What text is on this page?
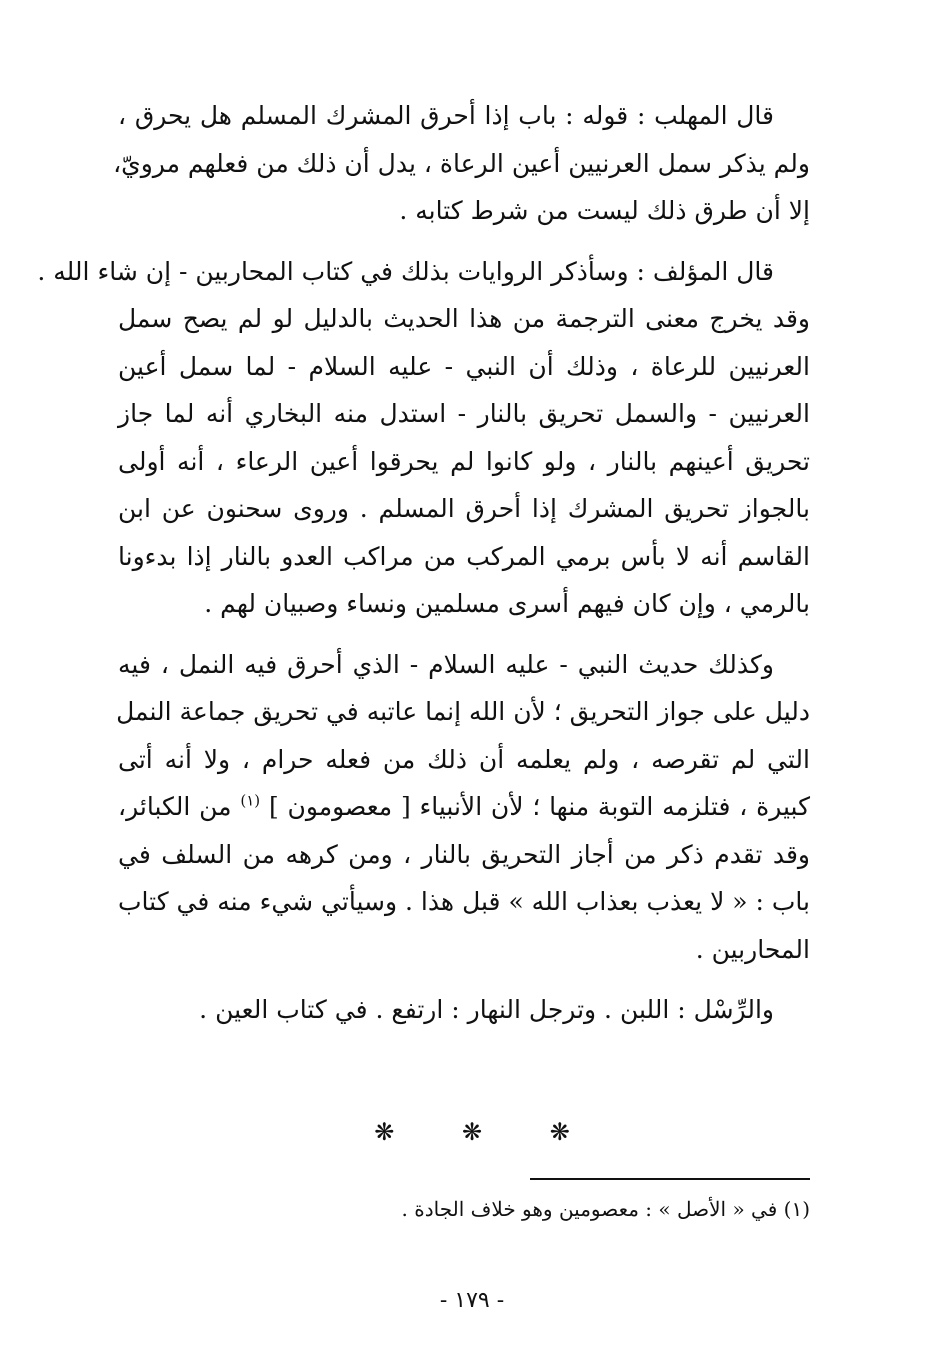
قال المهلب : قوله : باب إذا أحرق المشرك المسلم هل يحرق ،
ولم يذكر سمل العرنيين أعين الرعاة ، يدل أن ذلك من فعلهم مرويّ،
إلا أن طرق ذلك ليست من شرط كتابه .

قال المؤلف : وسأذكر الروايات بذلك في كتاب المحاربين - إن شاء الله .
وقد يخرج معنى الترجمة من هذا الحديث بالدليل لو لم يصح سمل
العرنيين للرعاة ، وذلك أن النبي - عليه السلام - لما سمل أعين
العرنيين - والسمل تحريق بالنار - استدل منه البخاري أنه لما جاز
تحريق أعينهم بالنار ، ولو كانوا لم يحرقوا أعين الرعاء ، أنه أولى
بالجواز تحريق المشرك إذا أحرق المسلم . وروى سحنون عن ابن
القاسم أنه لا بأس برمي المركب من مراكب العدو بالنار إذا بدءونا
بالرمي ، وإن كان فيهم أسرى مسلمين ونساء وصبيان لهم .

وكذلك حديث النبي - عليه السلام - الذي أحرق فيه النمل ، فيه
دليل على جواز التحريق ؛ لأن الله إنما عاتبه في تحريق جماعة النمل
التي لم تقرصه ، ولم يعلمه أن ذلك من فعله حرام ، ولا أنه أتى
كبيرة ، فتلزمه التوبة منها ؛ لأن الأنبياء [ معصومون ] $^{(١)}$ من الكبائر،
وقد تقدم ذكر من أجاز التحريق بالنار ، ومن كرهه من السلف في
باب : « لا يعذب بعذاب الله » قبل هذا . وسيأتي شيء منه في كتاب
المحاربين .

والرِّسْل : اللبن . وترجل النهار : ارتفع . في كتاب العين .

❋	❋	❋
(١) في « الأصل » : معصومين وهو خلاف الجادة .
- ١٧٩ -
